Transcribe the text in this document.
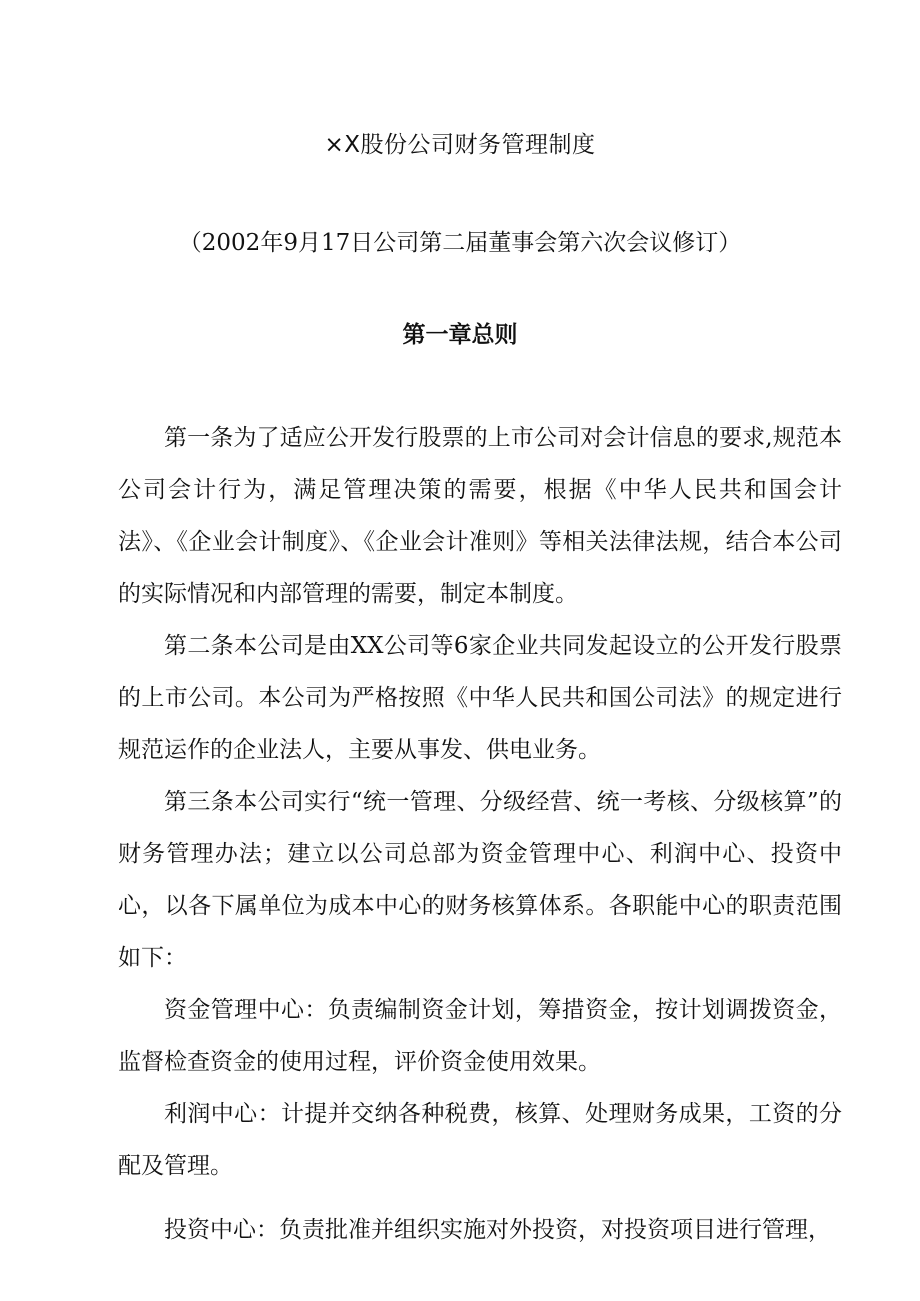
×X股份公司财务管理制度

（2002年9月17日公司第二届董事会第六次会议修订）

第一章总则

第一条为了适应公开发行股票的上市公司对会计信息的要求,规范本公司会计行为，满足管理决策的需要，根据《中华人民共和国会计法》、《企业会计制度》、《企业会计准则》等相关法律法规，结合本公司的实际情况和内部管理的需要，制定本制度。

第二条本公司是由XX公司等6家企业共同发起设立的公开发行股票的上市公司。本公司为严格按照《中华人民共和国公司法》的规定进行规范运作的企业法人，主要从事发、供电业务。

第三条本公司实行“统一管理、分级经营、统一考核、分级核算”的财务管理办法；建立以公司总部为资金管理中心、利润中心、投资中心，以各下属单位为成本中心的财务核算体系。各职能中心的职责范围如下：

资金管理中心：负责编制资金计划，筹措资金，按计划调拨资金，监督检查资金的使用过程，评价资金使用效果。

利润中心：计提并交纳各种税费，核算、处理财务成果，工资的分配及管理。

投资中心：负责批准并组织实施对外投资，对投资项目进行管理，
